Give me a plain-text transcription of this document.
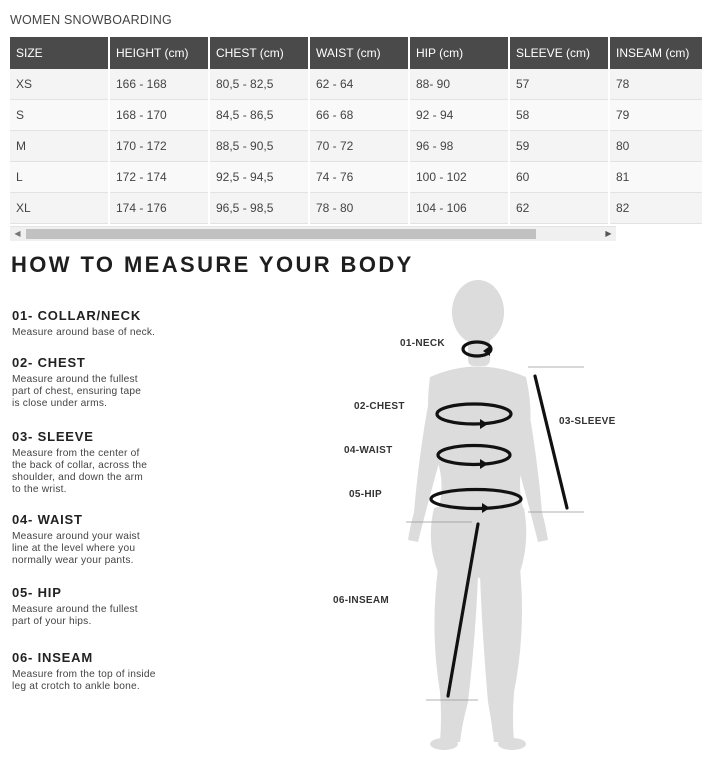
WOMEN SNOWBOARDING
SIZE	HEIGHT (cm)	CHEST (cm)	WAIST (cm)	HIP (cm)	SLEEVE (cm)	INSEAM (cm)
XS	166 - 168	80,5 - 82,5	62 - 64	88- 90	57	78
S	168 - 170	84,5 - 86,5	66 - 68	92 - 94	58	79
M	170 - 172	88,5 - 90,5	70 - 72	96 - 98	59	80
L	172 - 174	92,5 - 94,5	74 - 76	100 - 102	60	81
XL	174 - 176	96,5 - 98,5	78 - 80	104 - 106	62	82
◀	▶
HOW TO MEASURE YOUR BODY
01- COLLAR/NECK
Measure around base of neck.
02- CHEST
Measure around the fullest
part of chest, ensuring tape
is close under arms.
03- SLEEVE
Measure from the center of
the back of collar, across the
shoulder, and down the arm
to the wrist.
04- WAIST
Measure around your waist
line at the level where you
normally wear your pants.
05- HIP
Measure around the fullest
part of your hips.
06- INSEAM
Measure from the top of inside
leg at crotch to ankle bone.
01-NECK
02-CHEST
03-SLEEVE
04-WAIST
05-HIP
06-INSEAM
